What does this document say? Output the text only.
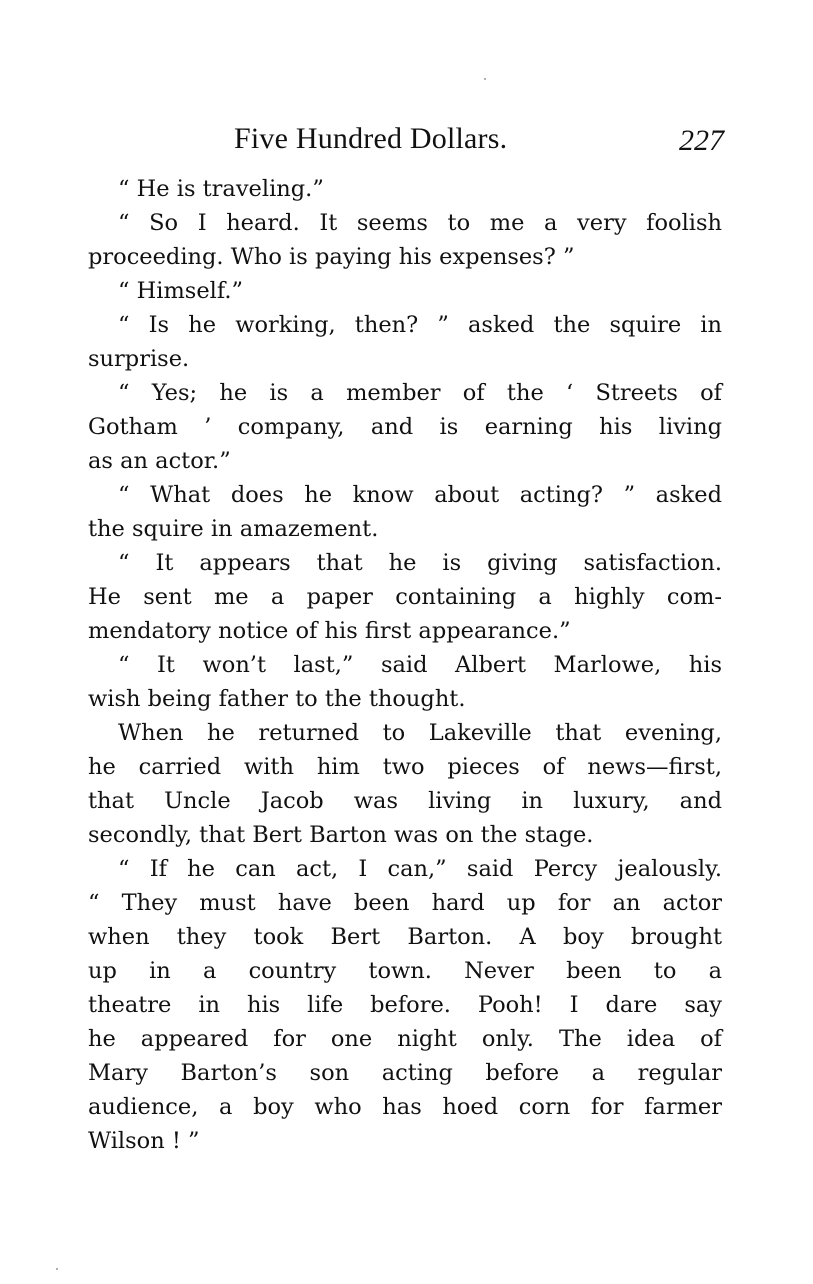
Five Hundred Dollars.	227
“ He is traveling.”
“ So I heard. It seems to me a very foolish
proceeding. Who is paying his expenses? ”
“ Himself.”
“ Is he working, then? ” asked the squire in
surprise.
“ Yes; he is a member of the ‘ Streets of
Gotham ’ company, and is earning his living
as an actor.”
“ What does he know about acting? ” asked
the squire in amazement.
“ It appears that he is giving satisfaction.
He sent me a paper containing a highly com-
mendatory notice of his first appearance.”
“ It won’t last,” said Albert Marlowe, his
wish being father to the thought.
When he returned to Lakeville that evening,
he carried with him two pieces of news—first,
that Uncle Jacob was living in luxury, and
secondly, that Bert Barton was on the stage.
“ If he can act, I can,” said Percy jealously.
“ They must have been hard up for an actor
when they took Bert Barton. A boy brought
up in a country town. Never been to a
theatre in his life before. Pooh! I dare say
he appeared for one night only. The idea of
Mary Barton’s son acting before a regular
audience, a boy who has hoed corn for farmer
Wilson ! ”
